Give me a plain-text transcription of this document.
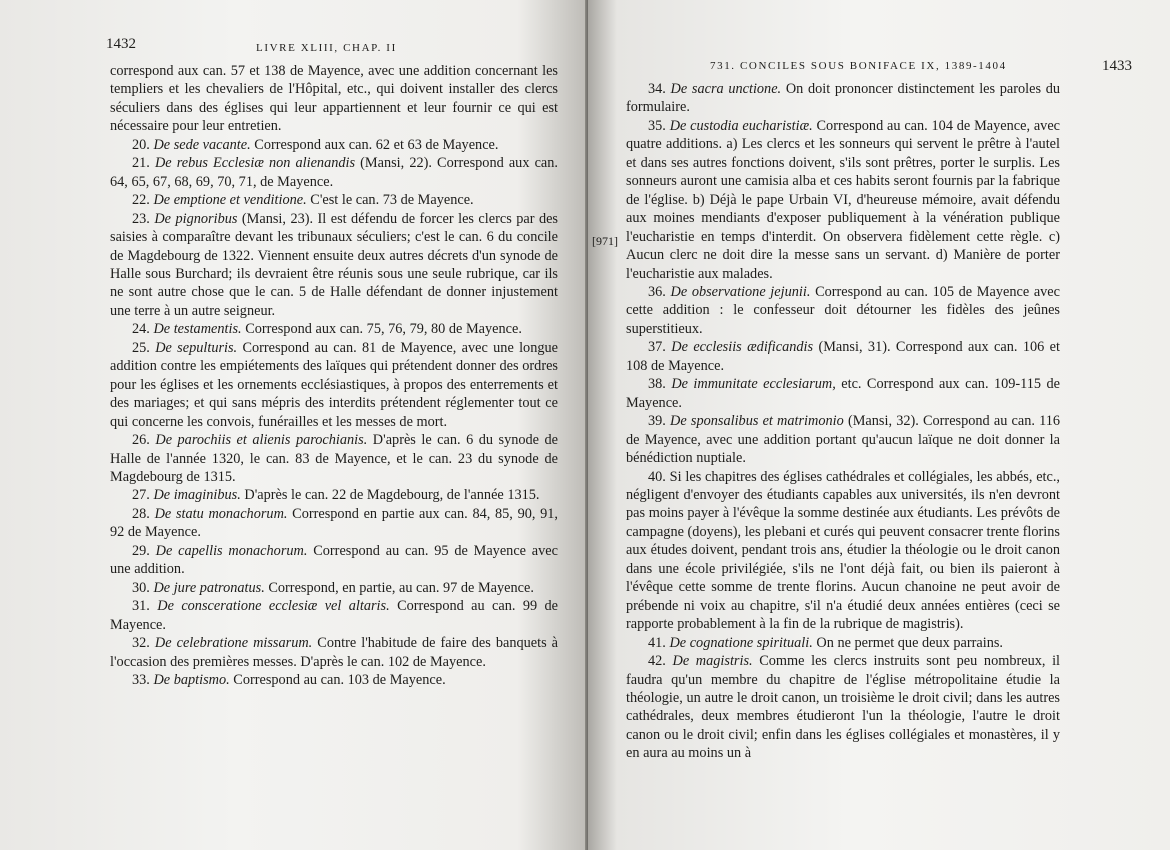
1432	LIVRE XLIII, CHAP. II

correspond aux can. 57 et 138 de Mayence, avec une addition concernant les templiers et les chevaliers de l'Hôpital, etc., qui doivent installer des clercs séculiers dans des églises qui leur appartiennent et leur fournir ce qui est nécessaire pour leur entretien.

20. De sede vacante. Correspond aux can. 62 et 63 de Mayence.

21. De rebus Ecclesiæ non alienandis (Mansi, 22). Correspond aux can. 64, 65, 67, 68, 69, 70, 71, de Mayence.

22. De emptione et venditione. C'est le can. 73 de Mayence.

23. De pignoribus (Mansi, 23). Il est défendu de forcer les clercs par des saisies à comparaître devant les tribunaux séculiers; c'est le can. 6 du concile de Magdebourg de 1322. Viennent ensuite deux autres décrets d'un synode de Halle sous Burchard; ils devraient être réunis sous une seule rubrique, car ils ne sont autre chose que le can. 5 de Halle défendant de donner injustement une terre à un autre seigneur.

24. De testamentis. Correspond aux can. 75, 76, 79, 80 de Mayence.

25. De sepulturis. Correspond au can. 81 de Mayence, avec une longue addition contre les empiétements des laïques qui prétendent donner des ordres pour les églises et les ornements ecclésiastiques, à propos des enterrements et des mariages; et qui sans mépris des interdits prétendent réglementer tout ce qui concerne les convois, funérailles et les messes de mort.

26. De parochiis et alienis parochianis. D'après le can. 6 du synode de Halle de l'année 1320, le can. 83 de Mayence, et le can. 23 du synode de Magdebourg de 1315.

27. De imaginibus. D'après le can. 22 de Magdebourg, de l'année 1315.

28. De statu monachorum. Correspond en partie aux can. 84, 85, 90, 91, 92 de Mayence.

29. De capellis monachorum. Correspond au can. 95 de Mayence avec une addition.

30. De jure patronatus. Correspond, en partie, au can. 97 de Mayence.

31. De consceratione ecclesiæ vel altaris. Correspond au can. 99 de Mayence.

32. De celebratione missarum. Contre l'habitude de faire des banquets à l'occasion des premières messes. D'après le can. 102 de Mayence.

33. De baptismo. Correspond au can. 103 de Mayence.

731. CONCILES SOUS BONIFACE IX, 1389-1404	1433
[971]

34. De sacra unctione. On doit prononcer distinctement les paroles du formulaire.

35. De custodia eucharistiæ. Correspond au can. 104 de Mayence, avec quatre additions. a) Les clercs et les sonneurs qui servent le prêtre à l'autel et dans ses autres fonctions doivent, s'ils sont prêtres, porter le surplis. Les sonneurs auront une camisia alba et ces habits seront fournis par la fabrique de l'église. b) Déjà le pape Urbain VI, d'heureuse mémoire, avait défendu aux moines mendiants d'exposer publiquement à la vénération publique l'eucharistie en temps d'interdit. On observera fidèlement cette règle. c) Aucun clerc ne doit dire la messe sans un servant. d) Manière de porter l'eucharistie aux malades.

36. De observatione jejunii. Correspond au can. 105 de Mayence avec cette addition : le confesseur doit détourner les fidèles des jeûnes superstitieux.

37. De ecclesiis ædificandis (Mansi, 31). Correspond aux can. 106 et 108 de Mayence.

38. De immunitate ecclesiarum, etc. Correspond aux can. 109-115 de Mayence.

39. De sponsalibus et matrimonio (Mansi, 32). Correspond au can. 116 de Mayence, avec une addition portant qu'aucun laïque ne doit donner la bénédiction nuptiale.

40. Si les chapitres des églises cathédrales et collégiales, les abbés, etc., négligent d'envoyer des étudiants capables aux universités, ils n'en devront pas moins payer à l'évêque la somme destinée aux étudiants. Les prévôts de campagne (doyens), les plebani et curés qui peuvent consacrer trente florins aux études doivent, pendant trois ans, étudier la théologie ou le droit canon dans une école privilégiée, s'ils ne l'ont déjà fait, ou bien ils paieront à l'évêque cette somme de trente florins. Aucun chanoine ne peut avoir de prébende ni voix au chapitre, s'il n'a étudié deux années entières (ceci se rapporte probablement à la fin de la rubrique de magistris).

41. De cognatione spirituali. On ne permet que deux parrains.

42. De magistris. Comme les clercs instruits sont peu nombreux, il faudra qu'un membre du chapitre de l'église métropolitaine étudie la théologie, un autre le droit canon, un troisième le droit civil; dans les autres cathédrales, deux membres étudieront l'un la théologie, l'autre le droit canon ou le droit civil; enfin dans les églises collégiales et monastères, il y en aura au moins un à
